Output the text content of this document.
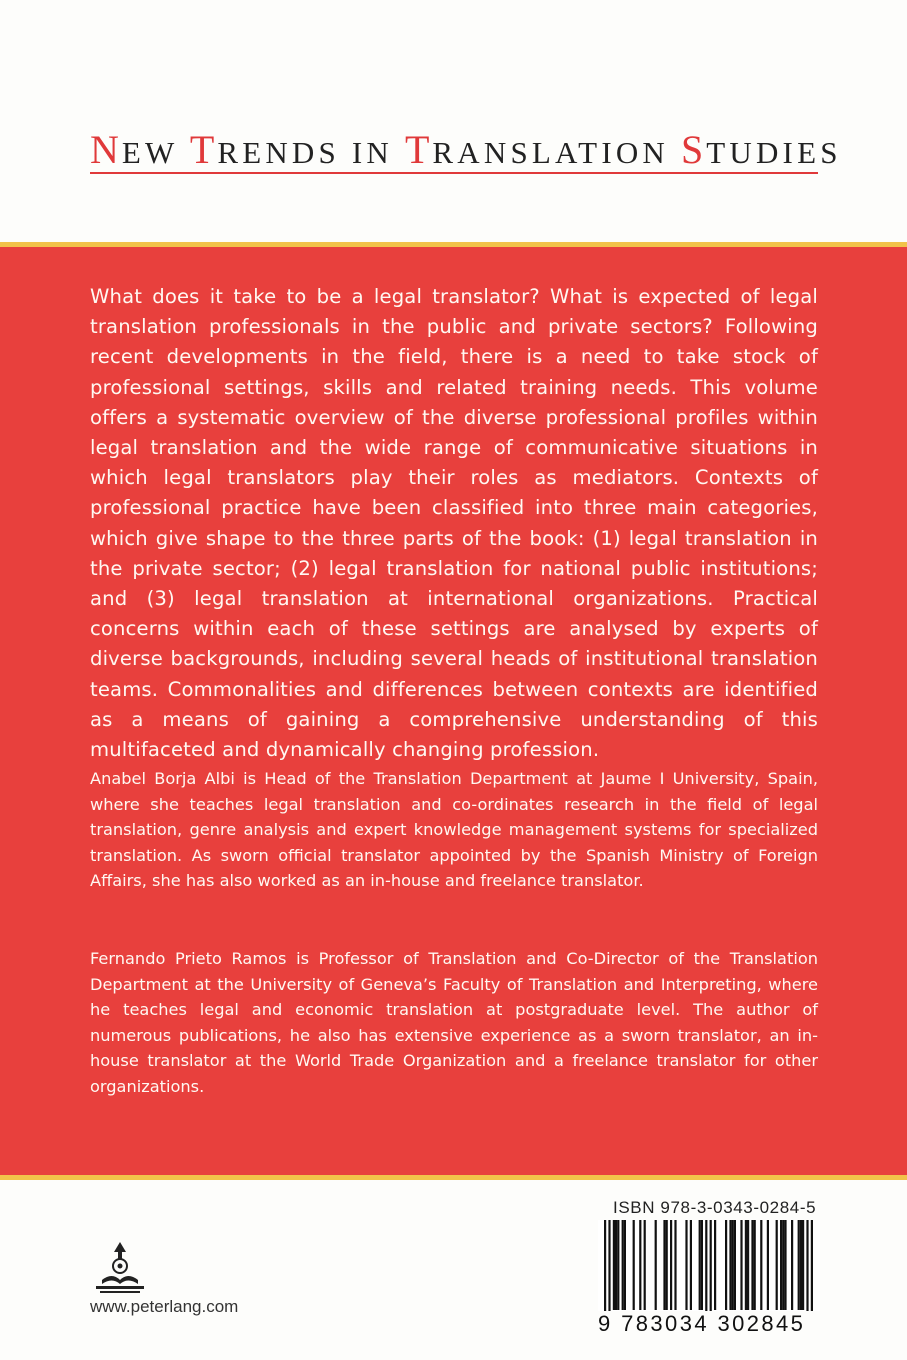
NEW TRENDS IN TRANSLATION STUDIES

What does it take to be a legal translator? What is expected of legal translation professionals in the public and private sectors? Following recent developments in the field, there is a need to take stock of professional settings, skills and related training needs. This volume offers a systematic overview of the diverse professional profiles within legal translation and the wide range of communicative situations in which legal translators play their roles as mediators. Contexts of professional practice have been classified into three main categories, which give shape to the three parts of the book: (1) legal translation in the private sector; (2) legal translation for national public institutions; and (3) legal translation at international organizations. Practical concerns within each of these settings are analysed by experts of diverse backgrounds, including several heads of institutional translation teams. Commonalities and differences between contexts are identified as a means of gaining a comprehensive understanding of this multifaceted and dynamically changing profession.

Anabel Borja Albi is Head of the Translation Department at Jaume I University, Spain, where she teaches legal translation and co-ordinates research in the field of legal translation, genre analysis and expert knowledge management systems for specialized translation. As sworn official translator appointed by the Spanish Ministry of Foreign Affairs, she has also worked as an in-house and freelance translator.

Fernando Prieto Ramos is Professor of Translation and Co-Director of the Translation Department at the University of Geneva’s Faculty of Translation and Interpreting, where he teaches legal and economic translation at postgraduate level. The author of numerous publications, he also has extensive experience as a sworn translator, an in-house translator at the World Trade Organization and a freelance translator for other organizations.

www.peterlang.com
ISBN 978-3-0343-0284-5
9 783034 302845
